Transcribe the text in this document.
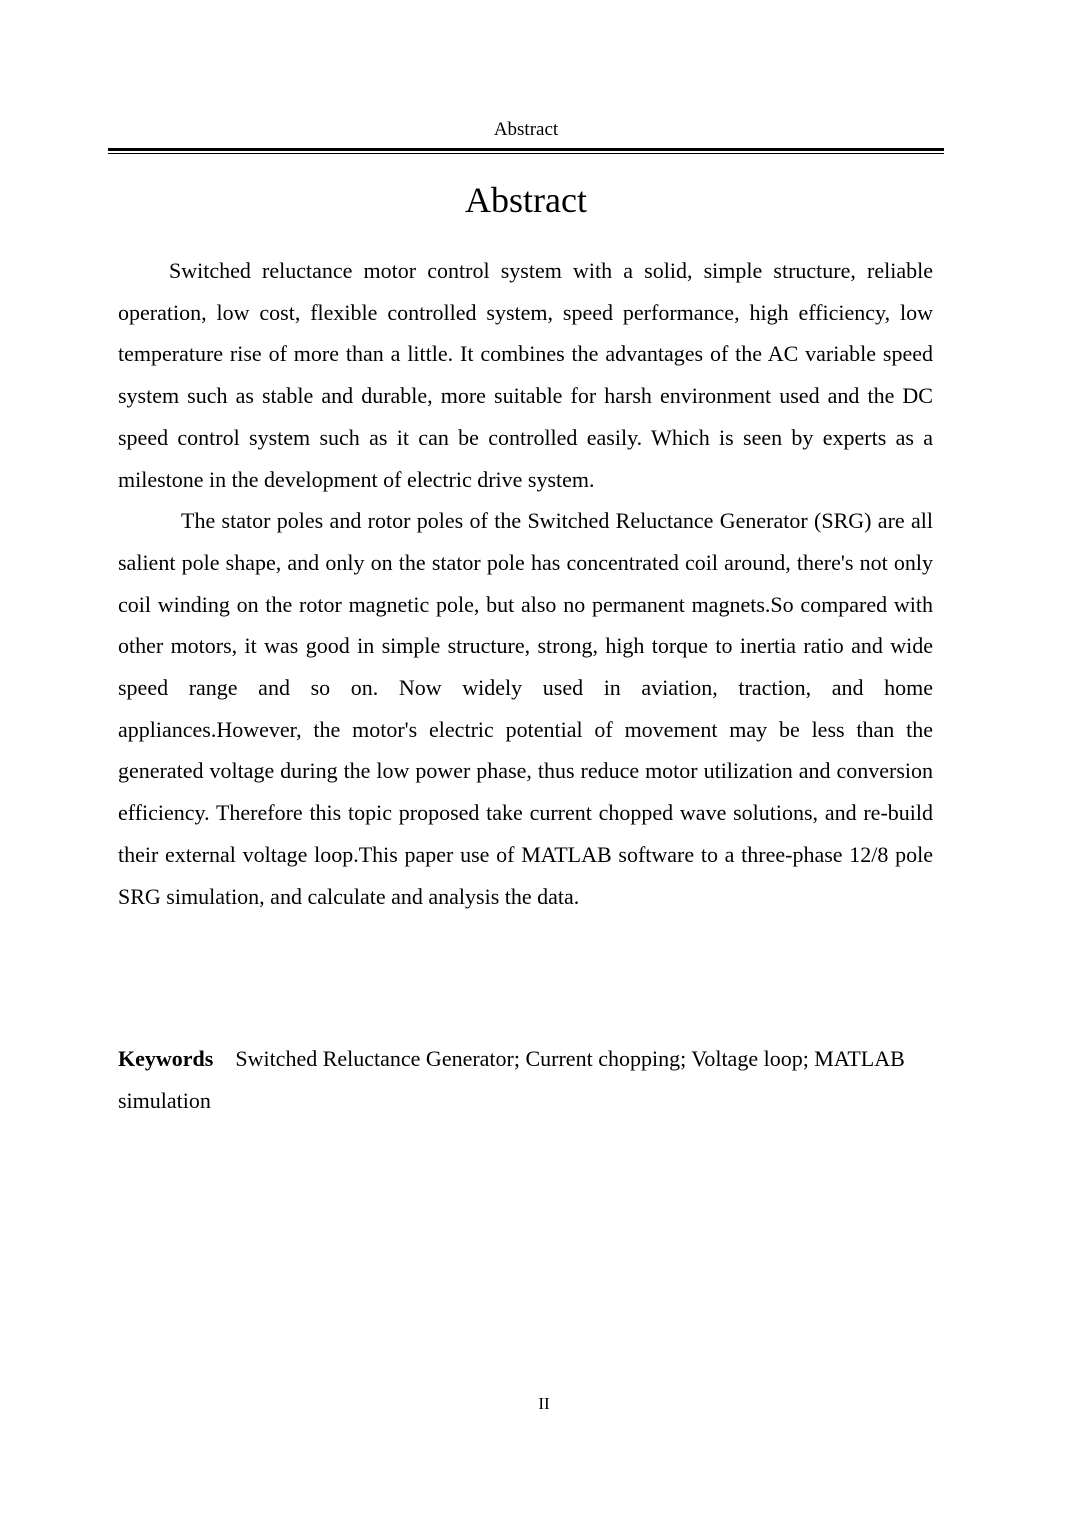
Abstract
Abstract

Switched reluctance motor control system with a solid, simple structure, reliable operation, low cost, flexible controlled system, speed performance, high efficiency, low temperature rise of more than a little. It combines the advantages of the AC variable speed system such as stable and durable, more suitable for harsh environment used and the DC speed control system such as it can be controlled easily. Which is seen by experts as a milestone in the development of electric drive system.

The stator poles and rotor poles of the Switched Reluctance Generator (SRG) are all salient pole shape, and only on the stator pole has concentrated coil around, there's not only coil winding on the rotor magnetic pole, but also no permanent magnets.So compared with other motors, it was good in simple structure, strong, high torque to inertia ratio and wide speed range and so on. Now widely used in aviation, traction, and home appliances.However, the motor's electric potential of movement may be less than the generated voltage during the low power phase, thus reduce motor utilization and conversion efficiency. Therefore this topic proposed take current chopped wave solutions, and re-build their external voltage loop.This paper use of MATLAB software to a three-phase 12/8 pole SRG simulation, and calculate and analysis the data.

Keywords Switched Reluctance Generator; Current chopping; Voltage loop; MATLAB simulation

II
